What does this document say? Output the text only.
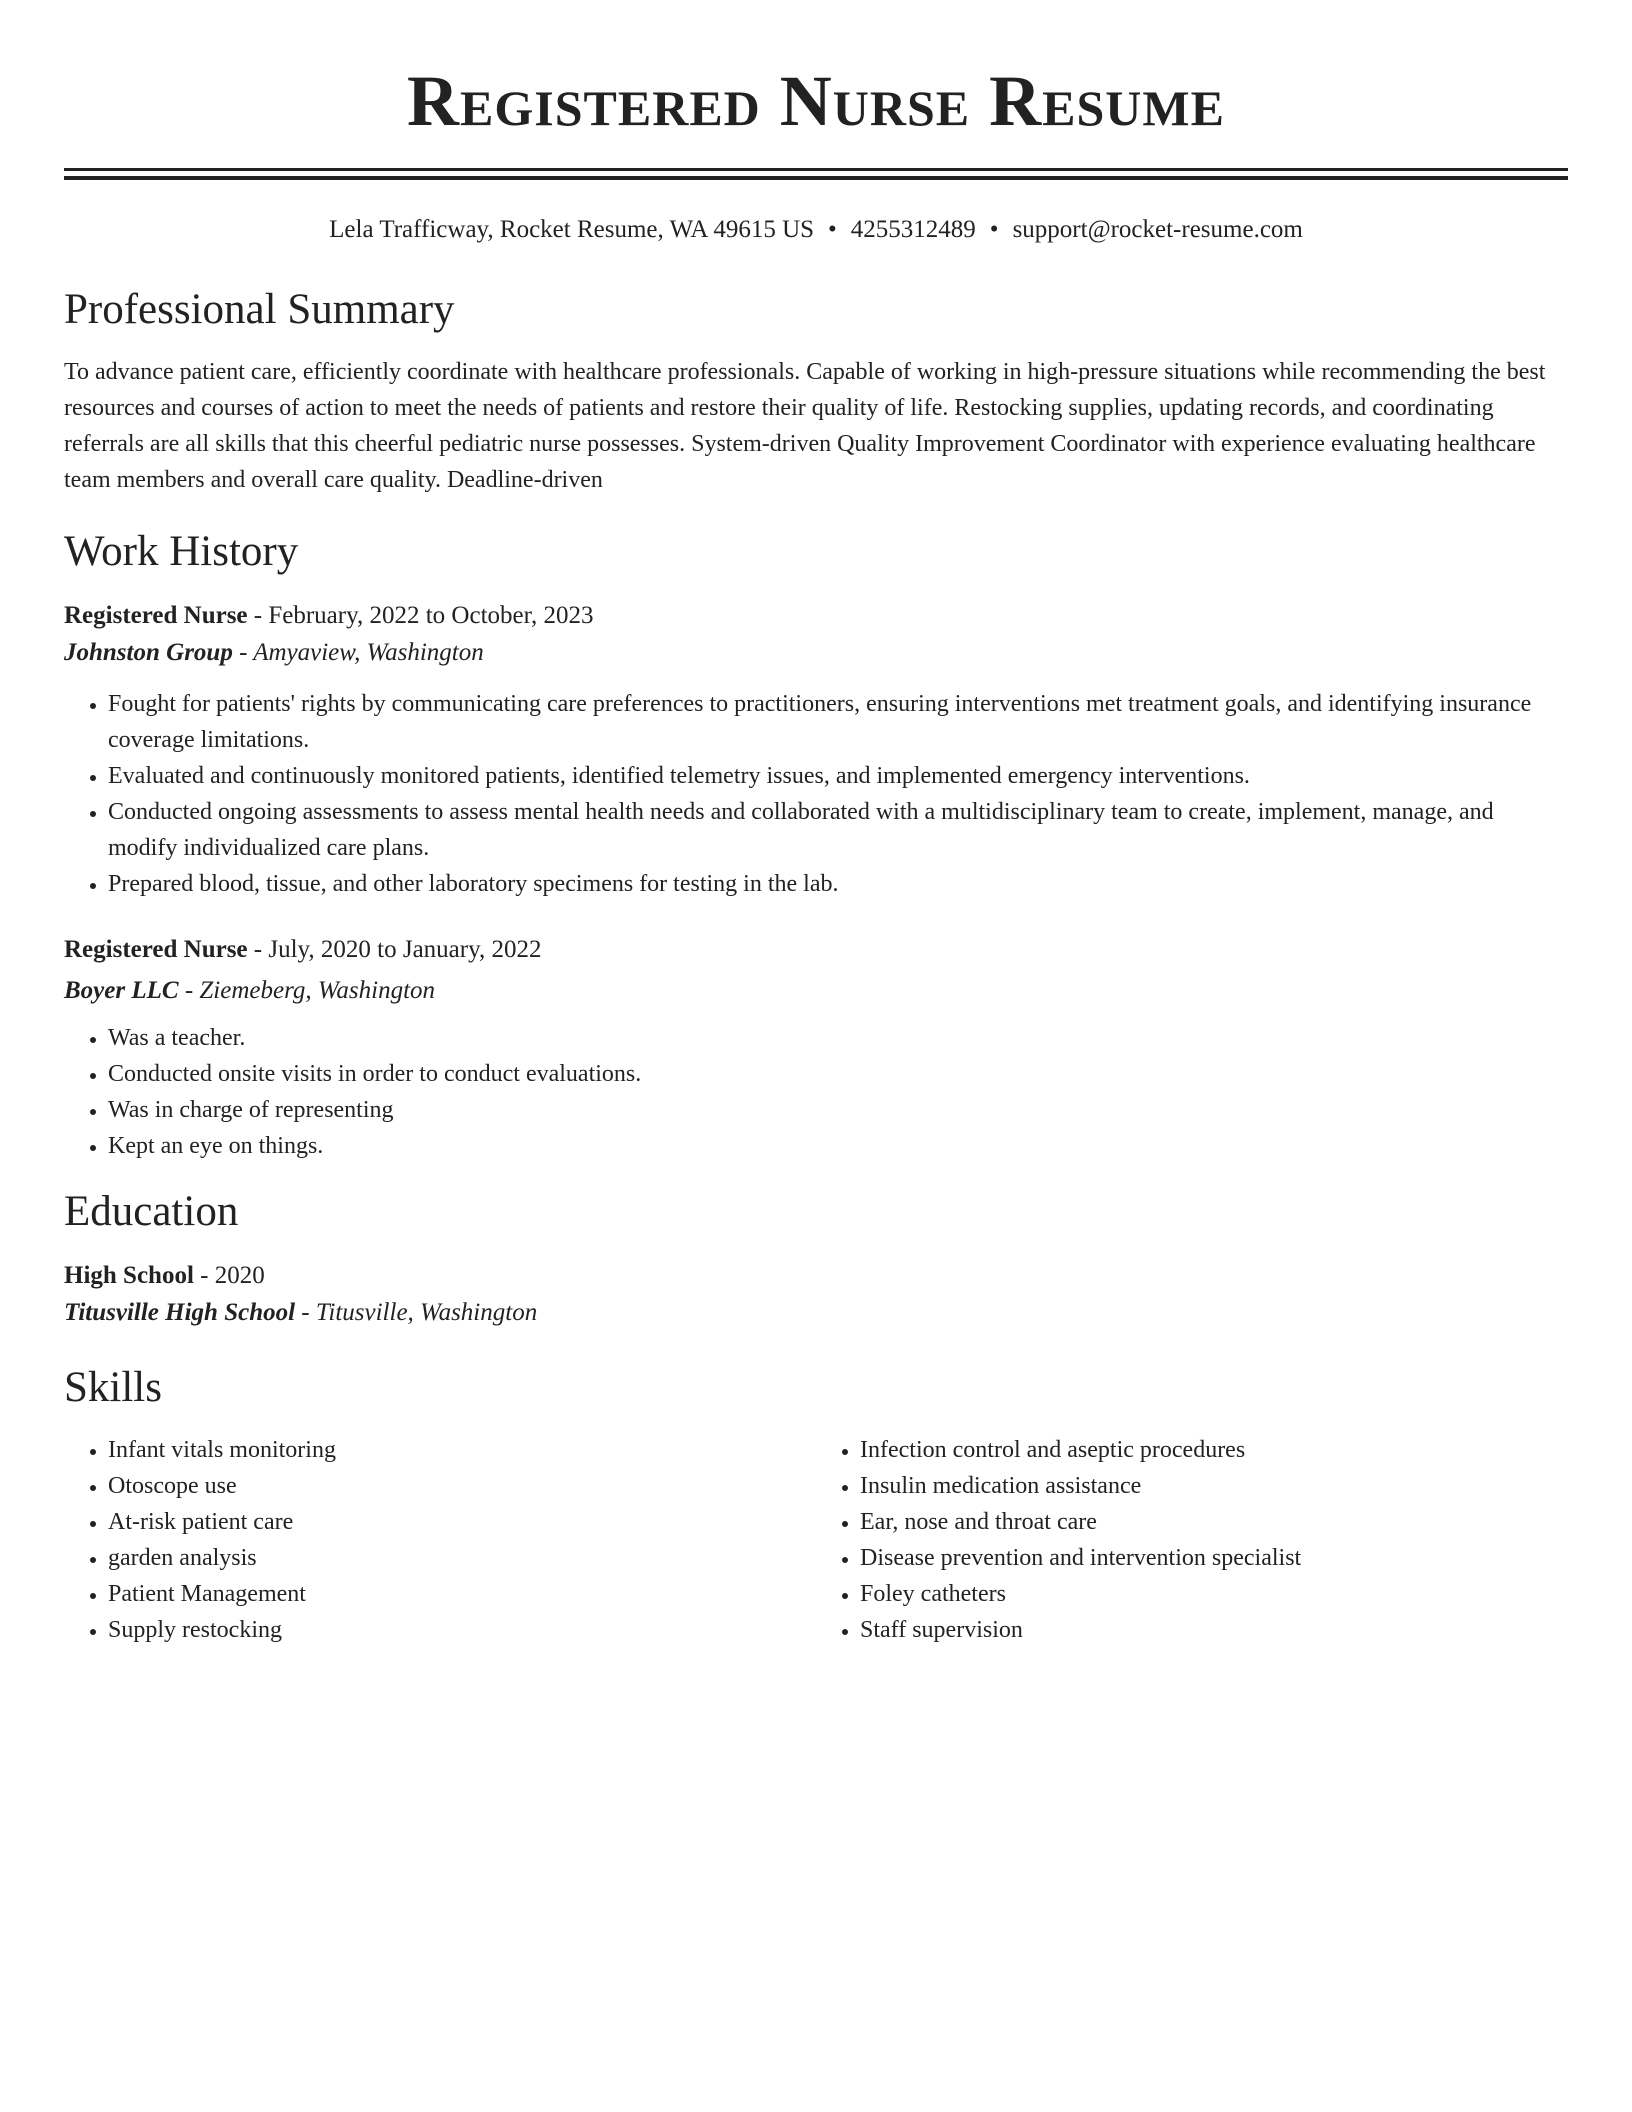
Registered Nurse Resume
Lela Trafficway, Rocket Resume, WA 49615 US • 4255312489 • support@rocket-resume.com
Professional Summary
To advance patient care, efficiently coordinate with healthcare professionals. Capable of working in high-pressure situations while recommending the best resources and courses of action to meet the needs of patients and restore their quality of life. Restocking supplies, updating records, and coordinating referrals are all skills that this cheerful pediatric nurse possesses. System-driven Quality Improvement Coordinator with experience evaluating healthcare team members and overall care quality. Deadline-driven
Work History
Registered Nurse - February, 2022 to October, 2023
Johnston Group - Amyaview, Washington
• Fought for patients' rights by communicating care preferences to practitioners, ensuring interventions met treatment goals, and identifying insurance coverage limitations.
• Evaluated and continuously monitored patients, identified telemetry issues, and implemented emergency interventions.
• Conducted ongoing assessments to assess mental health needs and collaborated with a multidisciplinary team to create, implement, manage, and modify individualized care plans.
• Prepared blood, tissue, and other laboratory specimens for testing in the lab.
Registered Nurse - July, 2020 to January, 2022
Boyer LLC - Ziemeberg, Washington
• Was a teacher.
• Conducted onsite visits in order to conduct evaluations.
• Was in charge of representing
• Kept an eye on things.
Education
High School - 2020
Titusville High School - Titusville, Washington
Skills
• Infant vitals monitoring
• Otoscope use
• At-risk patient care
• garden analysis
• Patient Management
• Supply restocking
• Infection control and aseptic procedures
• Insulin medication assistance
• Ear, nose and throat care
• Disease prevention and intervention specialist
• Foley catheters
• Staff supervision
